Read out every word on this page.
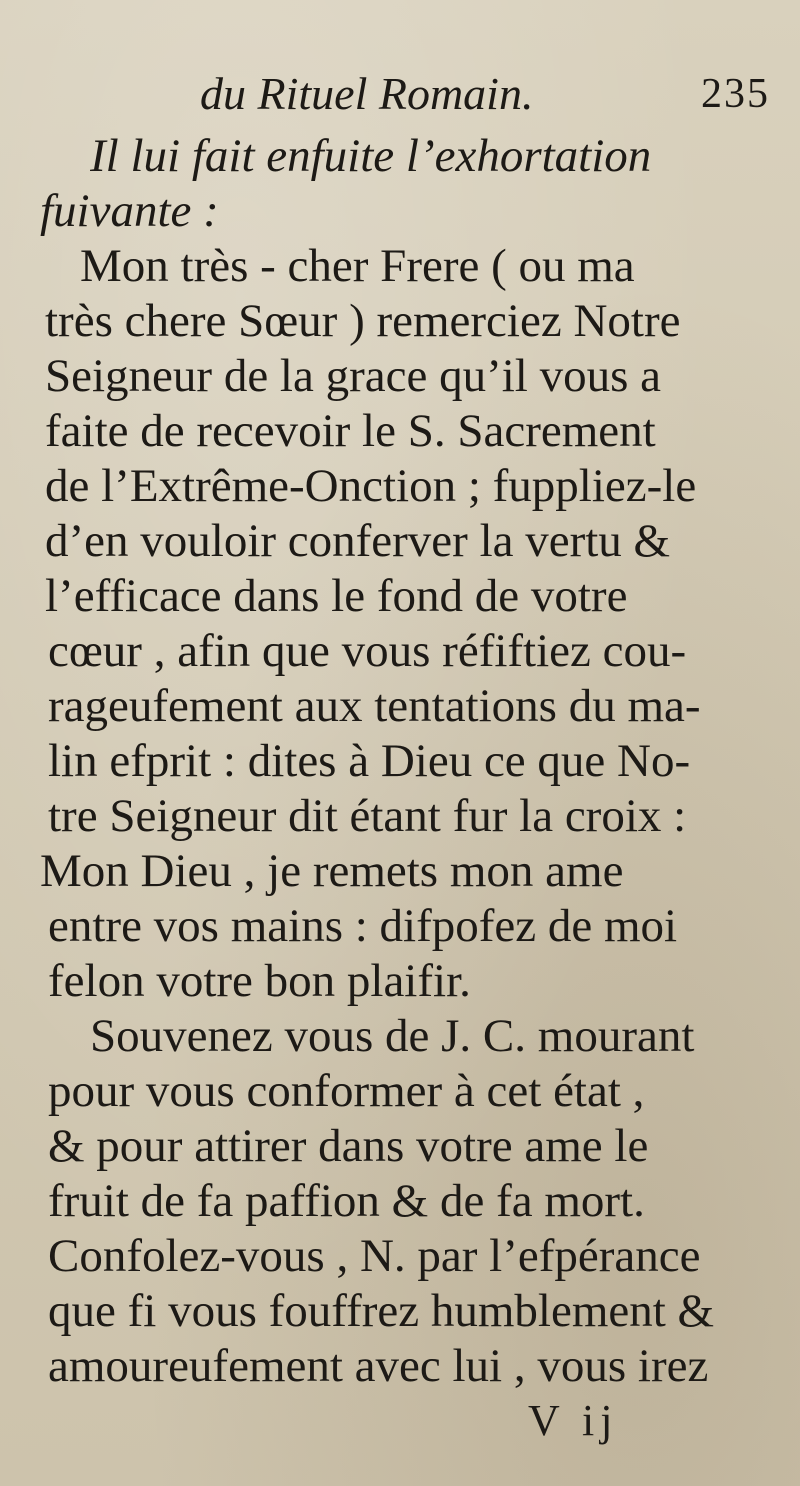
du Rituel Romain.	235
Il lui fait enfuite l’exhortation
fuivante :
Mon très - cher Frere ( ou ma
très chere Sœur ) remerciez Notre
Seigneur de la grace qu’il vous a
faite de recevoir le S. Sacrement
de l’Extrême-Onction ; fuppliez-le
d’en vouloir conferver la vertu &
l’efficace dans le fond de votre
cœur , afin que vous réfiftiez cou-
rageufement aux tentations du ma-
lin efprit : dites à Dieu ce que No-
tre Seigneur dit étant fur la croix :
Mon Dieu , je remets mon ame
entre vos mains : difpofez de moi
felon votre bon plaifir.
Souvenez vous de J. C. mourant
pour vous conformer à cet état ,
& pour attirer dans votre ame le
fruit de fa paffion & de fa mort.
Confolez-vous , N. par l’efpérance
que fi vous fouffrez humblement &
amoureufement avec lui , vous irez
V ij
